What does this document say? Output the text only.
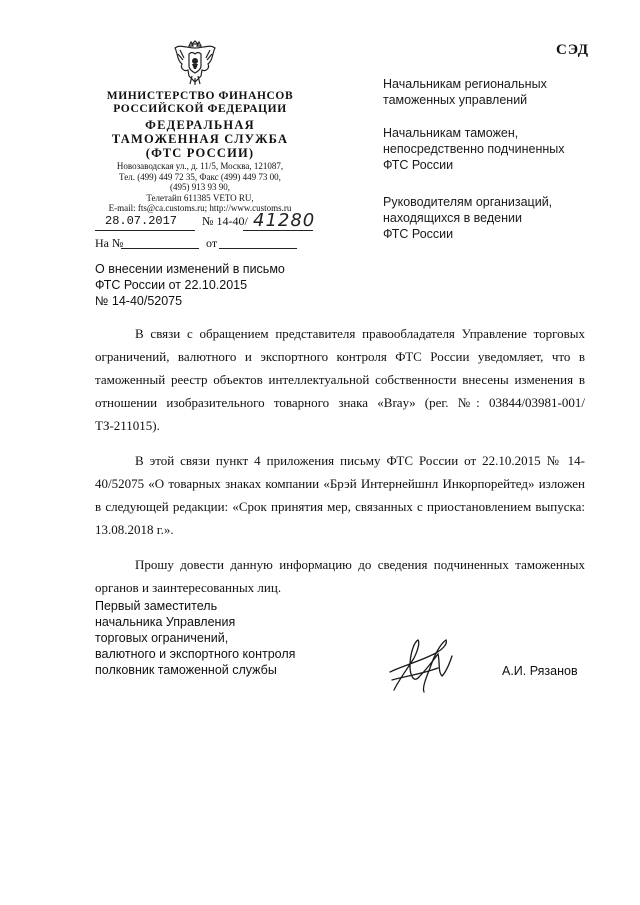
СЭД
МИНИСТЕРСТВО ФИНАНСОВ
РОССИЙСКОЙ ФЕДЕРАЦИИ
ФЕДЕРАЛЬНАЯ
ТАМОЖЕННАЯ СЛУЖБА
(ФТС РОССИИ)
Новозаводская ул., д. 11/5, Москва, 121087,
Тел. (499) 449 72 35, Факс (499) 449 73 00,
(495) 913 93 90,
Телетайп 611385 VETO RU,
E-mail: fts@ca.customs.ru; http://www.customs.ru
28.07.2017 № 14-40/ 41280
На №	от
Начальникам региональных
таможенных управлений
Начальникам таможен,
непосредственно подчиненных
ФТС России
Руководителям организаций,
находящихся в ведении
ФТС России
О внесении изменений в письмо
ФТС России от 22.10.2015
№ 14-40/52075

В связи с обращением представителя правообладателя Управление торговых ограничений, валютного и экспортного контроля ФТС России уведомляет, что в таможенный реестр объектов интеллектуальной собственности внесены изменения в отношении изобразительного товарного знака «Bray» (рег. №: 03844/03981-001/ТЗ-211015).

В этой связи пункт 4 приложения письму ФТС России от 22.10.2015 № 14-40/52075 «О товарных знаках компании «Брэй Интернейшнл Инкорпорейтед» изложен в следующей редакции: «Срок принятия мер, связанных с приостановлением выпуска: 13.08.2018 г.».

Прошу довести данную информацию до сведения подчиненных таможенных органов и заинтересованных лиц.

Первый заместитель
начальника Управления
торговых ограничений,
валютного и экспортного контроля
полковник таможенной службы	А.И. Рязанов
